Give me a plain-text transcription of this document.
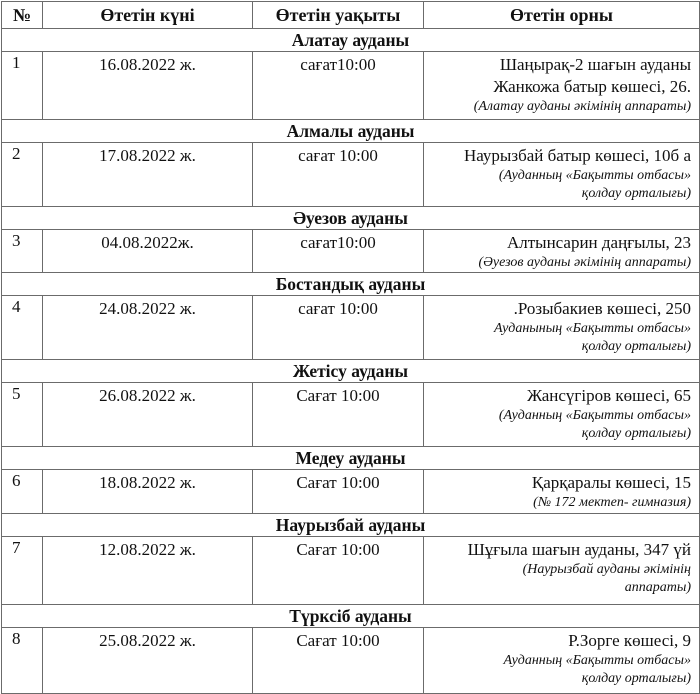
№	Өтетін күні	Өтетін уақыты	Өтетін орны
Алатау ауданы			
1	16.08.2022 ж.	сағат10:00	Шаңырақ-2 шағын ауданы
Жанкожа батыр көшесі, 26.
(Алатау ауданы әкімінің аппараты)

Алмалы ауданы			
2	17.08.2022 ж.	сағат 10:00	Наурызбай батыр көшесі, 10б а
(Ауданның «Бақытты отбасы»
қолдау орталығы)

Әуезов ауданы			
3	04.08.2022ж.	сағат10:00	Алтынсарин даңғылы, 23
(Әуезов ауданы әкімінің аппараты)

Бостандық ауданы			
4	24.08.2022 ж.	сағат 10:00	.Розыбакиев көшесі, 250
Ауданының «Бақытты отбасы»
қолдау орталығы)

Жетісу ауданы			
5	26.08.2022 ж.	Сағат 10:00	Жансүгіров көшесі, 65
(Ауданның «Бақытты отбасы»
қолдау орталығы)

Медеу ауданы			
6	18.08.2022 ж.	Сағат 10:00	Қарқаралы көшесі, 15
(№ 172 мектеп- гимназия)

Наурызбай ауданы			
7	12.08.2022 ж.	Сағат 10:00	Шұғыла шағын ауданы, 347 үй
(Наурызбай ауданы әкімінің
аппараты)

Түрксіб ауданы			
8	25.08.2022 ж.	Сағат 10:00	Р.Зорге көшесі, 9
Ауданның «Бақытты отбасы»
қолдау орталығы)
